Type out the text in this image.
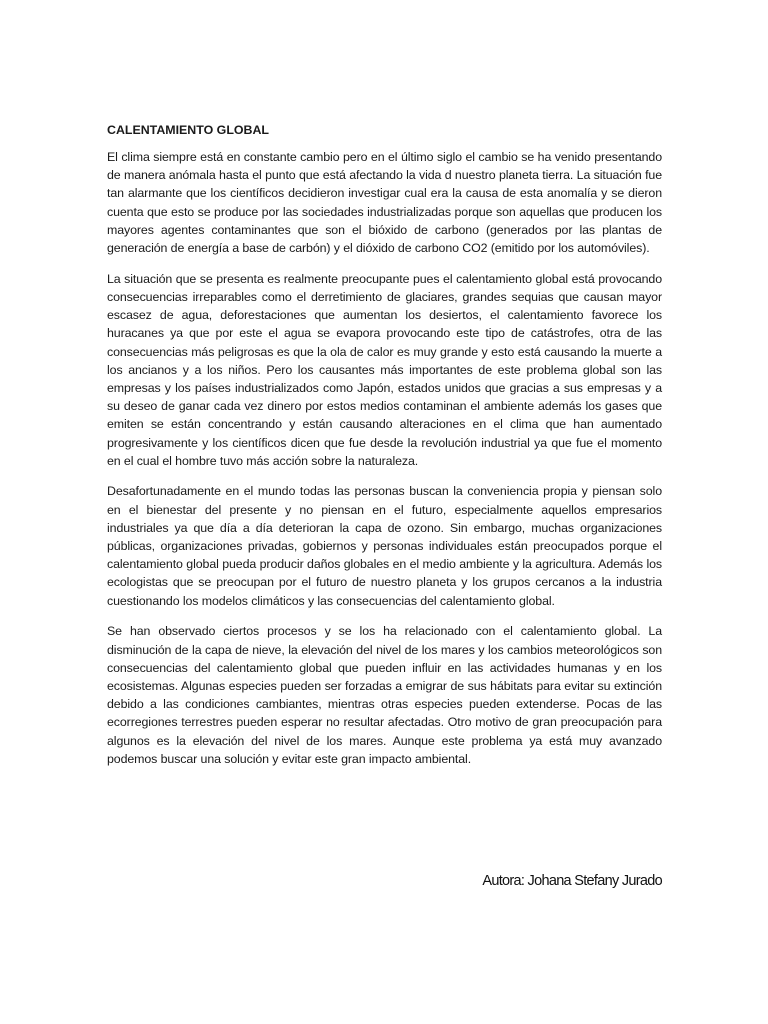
CALENTAMIENTO GLOBAL

El clima siempre está en constante cambio pero en el último siglo el cambio se ha venido presentando de manera anómala hasta el punto que está afectando la vida d nuestro planeta tierra. La situación fue tan alarmante que los científicos decidieron investigar cual era la causa de esta anomalía y se dieron cuenta que esto se produce por las sociedades industrializadas porque son aquellas que producen los mayores agentes contaminantes que son el bióxido de carbono (generados por las plantas de generación de energía a base de carbón) y el dióxido de carbono CO2 (emitido por los automóviles).

La situación que se presenta es realmente preocupante pues el calentamiento global está provocando consecuencias irreparables como el derretimiento de glaciares, grandes sequias que causan mayor escasez de agua, deforestaciones que aumentan los desiertos, el calentamiento favorece los huracanes ya que por este el agua se evapora provocando este tipo de catástrofes, otra de las consecuencias más peligrosas es que la ola de calor es muy grande y esto está causando la muerte a los ancianos y a los niños. Pero los causantes más importantes de este problema global son las empresas y los países industrializados como Japón, estados unidos que gracias a sus empresas y a su deseo de ganar cada vez dinero por estos medios contaminan el ambiente además los gases que emiten se están concentrando y están causando alteraciones en el clima que han aumentado progresivamente y los científicos dicen que fue desde la revolución industrial ya que fue el momento en el cual el hombre tuvo más acción sobre la naturaleza.

Desafortunadamente en el mundo todas las personas buscan la conveniencia propia y piensan solo en el bienestar del presente y no piensan en el futuro, especialmente aquellos empresarios industriales ya que día a día deterioran la capa de ozono. Sin embargo, muchas organizaciones públicas, organizaciones privadas, gobiernos y personas individuales están preocupados porque el calentamiento global pueda producir daños globales en el medio ambiente y la agricultura. Además los ecologistas que se preocupan por el futuro de nuestro planeta y los grupos cercanos a la industria cuestionando los modelos climáticos y las consecuencias del calentamiento global.

Se han observado ciertos procesos y se los ha relacionado con el calentamiento global. La disminución de la capa de nieve, la elevación del nivel de los mares y los cambios meteorológicos son consecuencias del calentamiento global que pueden influir en las actividades humanas y en los ecosistemas. Algunas especies pueden ser forzadas a emigrar de sus hábitats para evitar su extinción debido a las condiciones cambiantes, mientras otras especies pueden extenderse. Pocas de las ecorregiones terrestres pueden esperar no resultar afectadas. Otro motivo de gran preocupación para algunos es la elevación del nivel de los mares. Aunque este problema ya está muy avanzado podemos buscar una solución y evitar este gran impacto ambiental.

Autora: Johana Stefany Jurado
